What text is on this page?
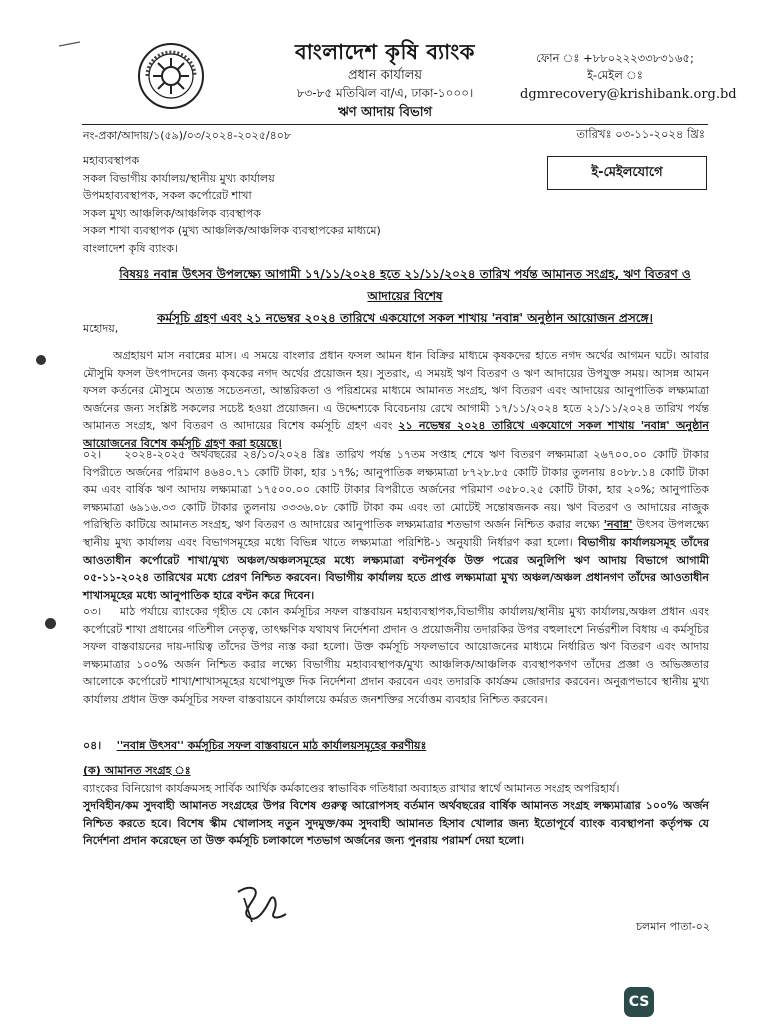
বাংলাদেশ কৃষি ব্যাংক
প্রধান কার্যালয়
৮৩-৮৫ মতিঝিল বা/এ, ঢাকা-১০০০।
ঋণ আদায় বিভাগ
ফোন ঃ +৮৮০২২২৩৩৮৩১৬৫;
ই-মেইল ঃ
dgmrecovery@krishibank.org.bd
নং-প্রকা/আদায়/১(৫৯)/০৩/২০২৪-২০২৫/৪০৮	তারিখঃ ০৩-১১-২০২৪ খ্রিঃ
মহাব্যবস্থাপক
সকল বিভাগীয় কার্যালয়/স্থানীয় মুখ্য কার্যালয়
উপমহাব্যবস্থাপক, সকল কর্পোরেট শাখা
সকল মুখ্য আঞ্চলিক/আঞ্চলিক ব্যবস্থাপক
সকল শাখা ব্যবস্থাপক (মুখ্য আঞ্চলিক/আঞ্চলিক ব্যবস্থাপকের মাধ্যমে)
বাংলাদেশ কৃষি ব্যাংক।
ই-মেইলযোগে
বিষয়ঃ নবান্ন উৎসব উপলক্ষ্যে আগামী ১৭/১১/২০২৪ হতে ২১/১১/২০২৪ তারিখ পর্যন্ত আমানত সংগ্রহ, ঋণ বিতরণ ও আদায়ের বিশেষ
কর্মসূচি গ্রহণ এবং ২১ নভেম্বর ২০২৪ তারিখে একযোগে সকল শাখায় 'নবান্ন' অনুষ্ঠান আয়োজন প্রসঙ্গে।
মহোদয়,
অগ্রহায়ণ মাস নবান্নের মাস। এ সময়ে বাংলার প্রধান ফসল আমন ধান বিক্রির মাধ্যমে কৃষকদের হাতে নগদ অর্থের আগমন ঘটে। আবার মৌসুমি ফসল উৎপাদনের জন্য কৃষকের নগদ অর্থের প্রয়োজন হয়। সুতরাং, এ সময়ই ঋণ বিতরণ ও ঋণ আদায়ের উপযুক্ত সময়। আসন্ন আমন ফসল কর্তনের মৌসুমে অত্যন্ত সচেতনতা, আন্তরিকতা ও পরিশ্রমের মাধ্যমে আমানত সংগ্রহ, ঋণ বিতরণ এবং আদায়ের আনুপাতিক লক্ষ্যমাত্রা অর্জনের জন্য সংশ্লিষ্ট সকলের সচেষ্ট হওয়া প্রয়োজন। এ উদ্দেশ্যকে বিবেচনায় রেখে আগামী ১৭/১১/২০২৪ হতে ২১/১১/২০২৪ তারিখ পর্যন্ত আমানত সংগ্রহ, ঋণ বিতরণ ও আদায়ের বিশেষ কর্মসূচি গ্রহণ এবং ২১ নভেম্বর ২০২৪ তারিখে একযোগে সকল শাখায় 'নবান্ন' অনুষ্ঠান আয়োজনের বিশেষ কর্মসূচি গ্রহণ করা হয়েছে।
০২। ২০২৪-২০২৫ অর্থবছরের ২৪/১০/২০২৪ খ্রিঃ তারিখ পর্যন্ত ১৭তম সপ্তাহ শেষে ঋণ বিতরণ লক্ষ্যমাত্রা ২৬৭০০.০০ কোটি টাকার বিপরীতে অর্জনের পরিমাণ ৪৬৪০.৭১ কোটি টাকা, হার ১৭%; আনুপাতিক লক্ষ্যমাত্রা ৮৭২৮.৮৫ কোটি টাকার তুলনায় ৪০৮৮.১৪ কোটি টাকা কম এবং বার্ষিক ঋণ আদায় লক্ষ্যমাত্রা ১৭৫০০.০০ কোটি টাকার বিপরীতে অর্জনের পরিমাণ ৩৫৮০.২৫ কোটি টাকা, হার ২০%; আনুপাতিক লক্ষ্যমাত্রা ৬৯১৬.৩৩ কোটি টাকার তুলনায় ৩৩৩৬.০৮ কোটি টাকা কম এবং তা মোটেই সন্তোষজনক নয়। ঋণ বিতরণ ও আদায়ের নাজুক পরিস্থিতি কাটিয়ে আমানত সংগ্রহ, ঋণ বিতরণ ও আদায়ের আনুপাতিক লক্ষ্যমাত্রার শতভাগ অর্জন নিশ্চিত করার লক্ষ্যে 'নবান্ন' উৎসব উপলক্ষ্যে স্থানীয় মুখ্য কার্যালয় এবং বিভাগসমূহের মধ্যে বিভিন্ন খাতে লক্ষ্যমাত্রা পরিশিষ্ট-১ অনুযায়ী নির্ধারণ করা হলো। বিভাগীয় কার্যালয়সমূহ তাঁদের আওতাধীন কর্পোরেট শাখা/মুখ্য অঞ্চল/অঞ্চলসমূহের মধ্যে লক্ষ্যমাত্রা বণ্টনপূর্বক উক্ত পত্রের অনুলিপি ঋণ আদায় বিভাগে আগামী ০৫-১১-২০২৪ তারিখের মধ্যে প্রেরণ নিশ্চিত করবেন। বিভাগীয় কার্যালয় হতে প্রাপ্ত লক্ষ্যমাত্রা মুখ্য অঞ্চল/অঞ্চল প্রধানগণ তাঁদের আওতাধীন শাখাসমূহের মধ্যে আনুপাতিক হারে বণ্টন করে দিবেন।
০৩। মাঠ পর্যায়ে ব্যাংকের গৃহীত যে কোন কর্মসূচির সফল বাস্তবায়ন মহাব্যবস্থাপক,বিভাগীয় কার্যালয়/স্থানীয় মুখ্য কার্যালয়,অঞ্চল প্রধান এবং কর্পোরেট শাখা প্রধানের গতিশীল নেতৃত্ব, তাৎক্ষণিক যথাযথ নির্দেশনা প্রদান ও প্রয়োজনীয় তদারকির উপর বহুলাংশে নির্ভরশীল বিধায় এ কর্মসূচির সফল বাস্তবায়নের দায়-দায়িত্ব তাঁদের উপর ন্যস্ত করা হলো। উক্ত কর্মসূচি সফলভাবে আয়োজনের মাধ্যমে নির্ধারিত ঋণ বিতরণ এবং আদায় লক্ষ্যমাত্রার ১০০% অর্জন নিশ্চিত করার লক্ষ্যে বিভাগীয় মহাব্যবস্থাপক/মুখ্য আঞ্চলিক/আঞ্চলিক ব্যবস্থাপকগণ তাঁদের প্রজ্ঞা ও অভিজ্ঞতার আলোকে কর্পোরেট শাখা/শাখাসমূহের যথোপযুক্ত দিক নির্দেশনা প্রদান করবেন এবং তদারকি কার্যক্রম জোরদার করবেন। অনুরূপভাবে স্থানীয় মুখ্য কার্যালয় প্রধান উক্ত কর্মসূচির সফল বাস্তবায়নে কার্যালয়ে কর্মরত জনশক্তির সর্বোত্তম ব্যবহার নিশ্চিত করবেন।
০৪। ''নবান্ন উৎসব'' কর্মসূচির সফল বাস্তবায়নে মাঠ কার্যালয়সমূহের করণীয়ঃ
(ক) আমানত সংগ্রহ ঃ
ব্যাংকের বিনিয়োগ কার্যক্রমসহ সার্বিক আর্থিক কর্মকাণ্ডের স্বাভাবিক গতিধারা অব্যাহত রাখার স্বার্থে আমানত সংগ্রহ অপরিহার্য।
সুদবিহীন/কম সুদবাহী আমানত সংগ্রহের উপর বিশেষ গুরুত্ব আরোপসহ বর্তমান অর্থবছরের বার্ষিক আমানত সংগ্রহ লক্ষ্যমাত্রার ১০০% অর্জন নিশ্চিত করতে হবে। বিশেষ স্কীম খোলাসহ নতুন সুদমুক্ত/কম সুদবাহী আমানত হিসাব খোলার জন্য ইতোপূর্বে ব্যাংক ব্যবস্থাপনা কর্তৃপক্ষ যে নির্দেশনা প্রদান করেছেন তা উক্ত কর্মসূচি চলাকালে শতভাগ অর্জনের জন্য পুনরায় পরামর্শ দেয়া হলো।
চলমান পাতা-০২
CS
